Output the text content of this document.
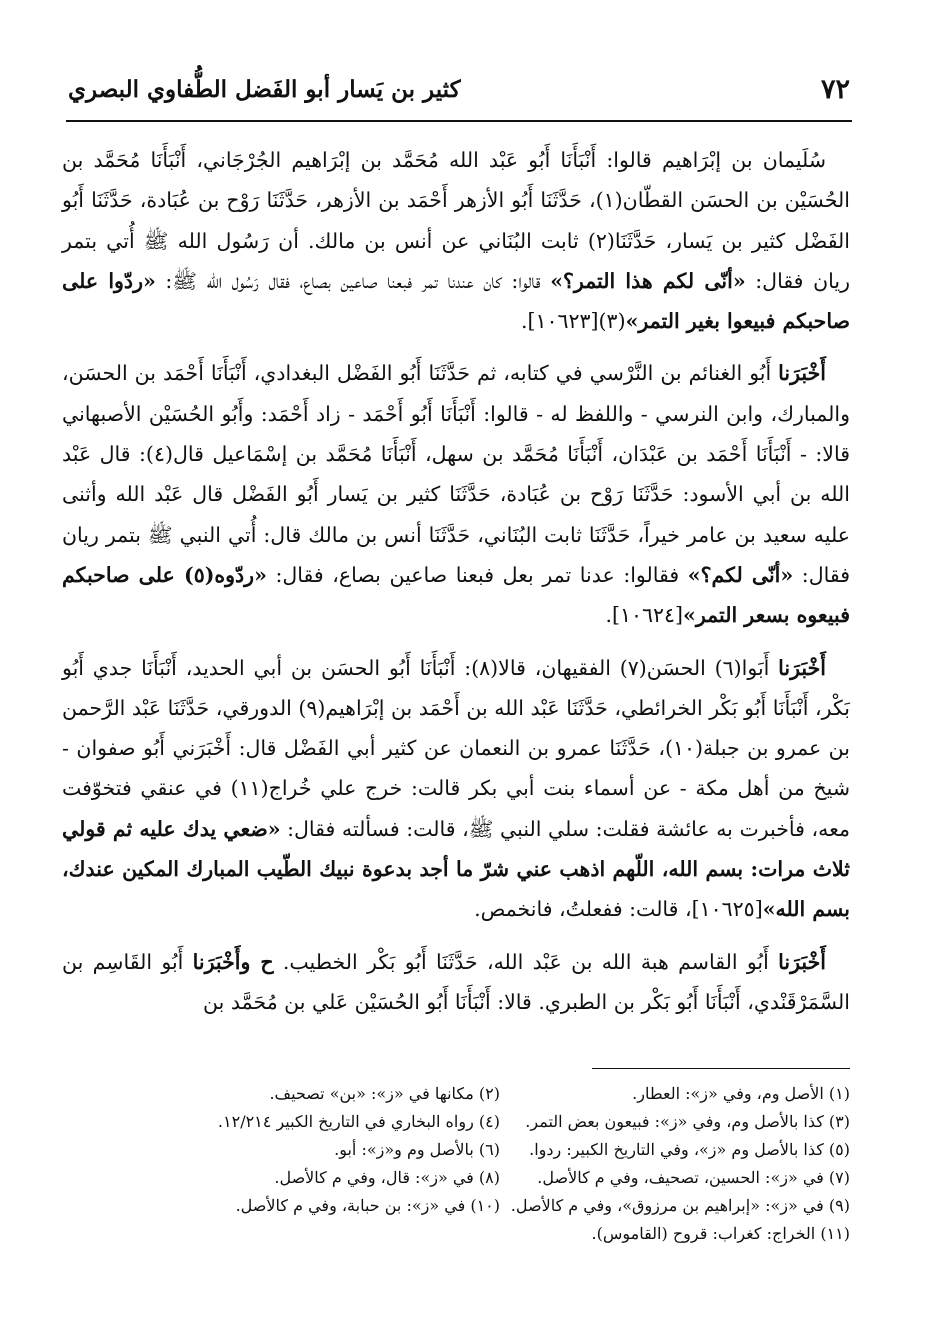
٧٢
كثير بن يَسار أبو الفَضل الطُّفاوي البصري

سُلَيمان بن إبْرَاهيم قالوا: أَنْبَأَنَا أَبُو عَبْد الله مُحَمَّد بن إبْرَاهيم الجُرْجَاني، أَنْبَأَنَا مُحَمَّد بن الحُسَيْن بن الحسَن القطّان(١)، حَدَّثَنَا أَبُو الأزهر أَحْمَد بن الأزهر، حَدَّثَنَا رَوْح بن عُبَادة، حَدَّثَنَا أَبُو الفَضْل كثير بن يَسار، حَدَّثَنَا(٢) ثابت البُنَاني عن أنس بن مالك. أن رَسُول الله ﷺ أُتي بتمر ريان فقال: «أنّى لكم هذا التمر؟» قالوا: كان عندنا تمر فبعنا صاعين بصاع، فقال رَسُول الله ﷺ: «ردّوا على صاحبكم فبيعوا بغير التمر»(٣)[١٠٦٢٣].

أَخْبَرَنا أَبُو الغنائم بن النَّرْسي في كتابه، ثم حَدَّثَنَا أَبُو الفَضْل البغدادي، أَنْبَأَنَا أَحْمَد بن الحسَن، والمبارك، وابن النرسي - واللفظ له - قالوا: أَنْبَأَنَا أَبُو أَحْمَد - زاد أَحْمَد: وأَبُو الحُسَيْن الأصبهاني قالا: - أَنْبَأَنَا أَحْمَد بن عَبْدَان، أَنْبَأَنَا مُحَمَّد بن سهل، أَنْبَأَنَا مُحَمَّد بن إسْمَاعيل قال(٤): قال عَبْد الله بن أبي الأسود: حَدَّثَنَا رَوْح بن عُبَادة، حَدَّثَنَا كثير بن يَسار أَبُو الفَضْل قال عَبْد الله وأثنى عليه سعيد بن عامر خيراً، حَدَّثَنَا ثابت البُنَاني، حَدَّثَنَا أنس بن مالك قال: أُتي النبي ﷺ بتمر ريان فقال: «أنّى لكم؟» فقالوا: عدنا تمر بعل فبعنا صاعين بصاع، فقال: «ردّوه(٥) على صاحبكم فبيعوه بسعر التمر»[١٠٦٢٤].

أَخْبَرَنا أَبَوا(٦) الحسَن(٧) الفقيهان، قالا(٨): أَنْبَأَنَا أَبُو الحسَن بن أبي الحديد، أَنْبَأَنَا جدي أَبُو بَكْر، أَنْبَأَنَا أَبُو بَكْر الخرائطي، حَدَّثَنَا عَبْد الله بن أَحْمَد بن إبْرَاهيم(٩) الدورقي، حَدَّثَنَا عَبْد الرَّحمن بن عمرو بن جبلة(١٠)، حَدَّثَنَا عمرو بن النعمان عن كثير أبي الفَضْل قال: أَخْبَرَني أَبُو صفوان - شيخ من أهل مكة - عن أسماء بنت أبي بكر قالت: خرج علي خُراج(١١) في عنقي فتخوّفت معه، فأخبرت به عائشة فقلت: سلي النبي ﷺ، قالت: فسألته فقال: «ضعي يدك عليه ثم قولي ثلاث مرات: بسم الله، اللّهم اذهب عني شرّ ما أجد بدعوة نبيك الطّيب المبارك المكين عندك، بسم الله»[١٠٦٢٥]، قالت: ففعلتُ، فانخمص.

أَخْبَرَنا أَبُو القاسم هبة الله بن عَبْد الله، حَدَّثَنَا أَبُو بَكْر الخطيب. ح وأَخْبَرَنا أَبُو القَاسِم بن السَّمَرْقَنْدي، أَنْبَأَنَا أَبُو بَكْر بن الطبري. قالا: أَنْبَأَنَا أَبُو الحُسَيْن عَلي بن مُحَمَّد بن

(١) الأصل وم، وفي «ز»: العطار.
(٢) مكانها في «ز»: «بن» تصحيف.
(٣) كذا بالأصل وم، وفي «ز»: فبيعون بعض التمر.
(٤) رواه البخاري في التاريخ الكبير ١٢/٢١٤.
(٥) كذا بالأصل وم «ز»، وفي التاريخ الكبير: ردوا.
(٦) بالأصل وم و«ز»: أبو.
(٧) في «ز»: الحسين، تصحيف، وفي م كالأصل.
(٨) في «ز»: قال، وفي م كالأصل.
(٩) في «ز»: «إبراهيم بن مرزوق»، وفي م كالأصل.
(١٠) في «ز»: بن حبابة، وفي م كالأصل.
(١١) الخراج: كغراب: قروح (القاموس).
